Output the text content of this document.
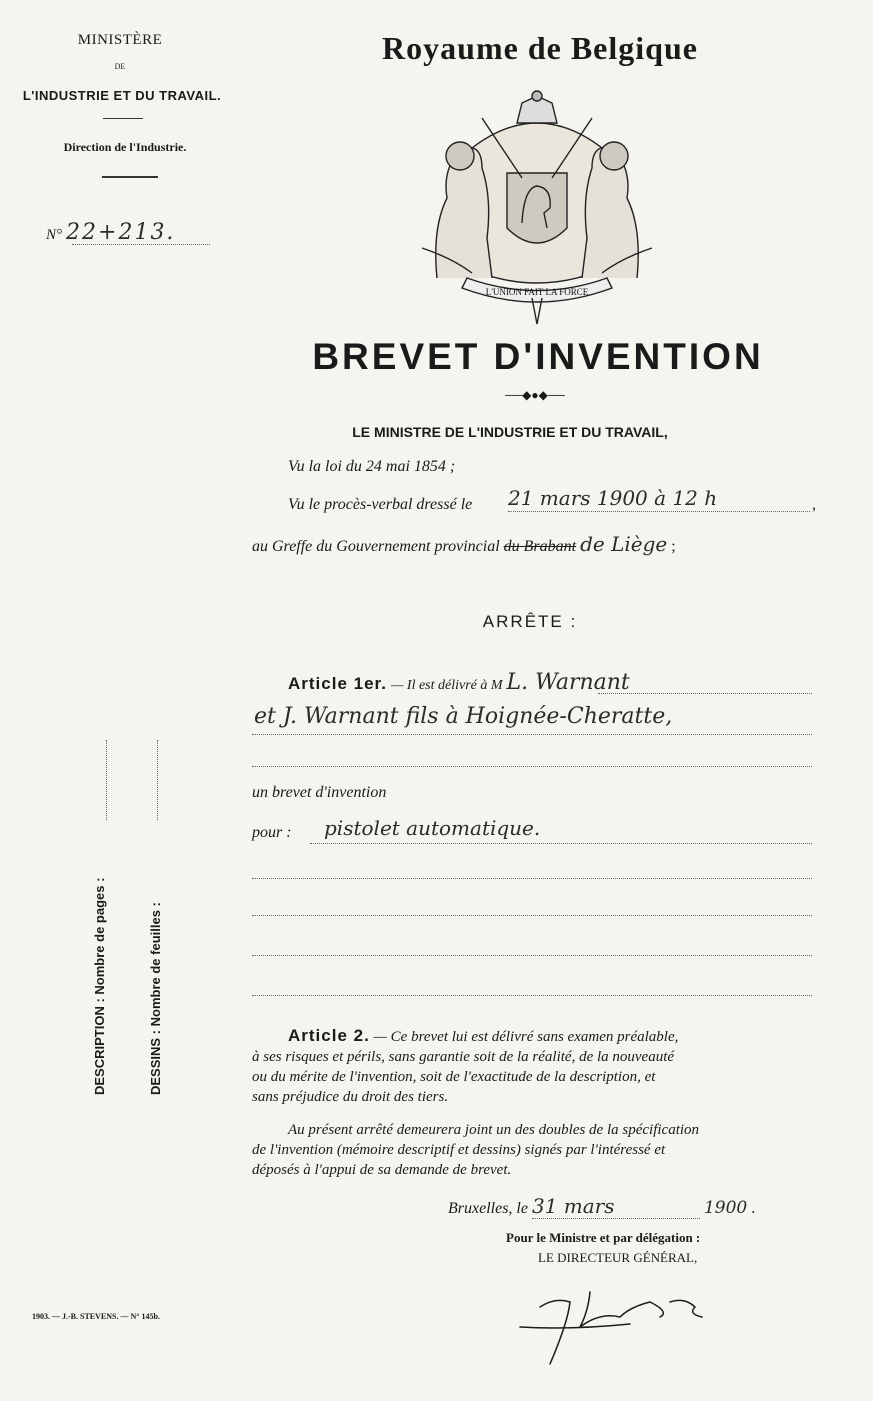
MINISTÈRE
DE
L'INDUSTRIE ET DU TRAVAIL.
Direction de l'Industrie.
N° 22+213.
DESCRIPTION : Nombre de pages :	DESSINS : Nombre de feuilles :
1903. — J.-B. STEVENS. — N° 145b.
Royaume de Belgique
L'UNION FAIT LA FORCE
BREVET D'INVENTION
──◆●◆──
LE MINISTRE DE L'INDUSTRIE ET DU TRAVAIL,
Vu la loi du 24 mai 1854 ;
Vu le procès-verbal dressé le 21 mars 1900 à 12 h	,
au Greffe du Gouvernement provincial du Brabant de Liège ;
ARRÊTE :
Article 1er. — Il est délivré à M L. Warnant
et J. Warnant fils à Hoignée-Cheratte,
un brevet d'invention
pour : pistolet automatique.
Article 2. — Ce brevet lui est délivré sans examen préalable,
à ses risques et périls, sans garantie soit de la réalité, de la nouveauté
ou du mérite de l'invention, soit de l'exactitude de la description, et
sans préjudice du droit des tiers.
Au présent arrêté demeurera joint un des doubles de la spécification
de l'invention (mémoire descriptif et dessins) signés par l'intéressé et
déposés à l'appui de sa demande de brevet.
Bruxelles, le 31 mars	1900 .
Pour le Ministre et par délégation :
LE DIRECTEUR GÉNÉRAL,
